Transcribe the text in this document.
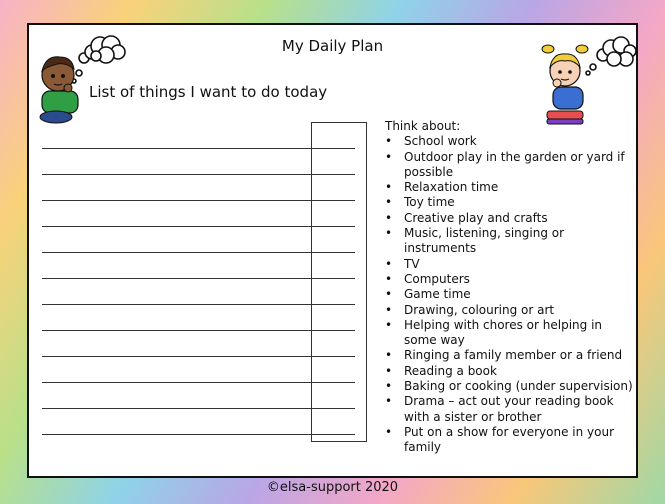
My Daily Plan
List of things I want to do today
Think about:
• School work
• Outdoor play in the garden or yard if possible
• Relaxation time
• Toy time
• Creative play and crafts
• Music, listening, singing or instruments
• TV
• Computers
• Game time
• Drawing, colouring or art
• Helping with chores or helping in some way
• Ringing a family member or a friend
• Reading a book
• Baking or cooking (under supervision)
• Drama – act out your reading book with a sister or brother
• Put on a show for everyone in your family
©elsa-support 2020
